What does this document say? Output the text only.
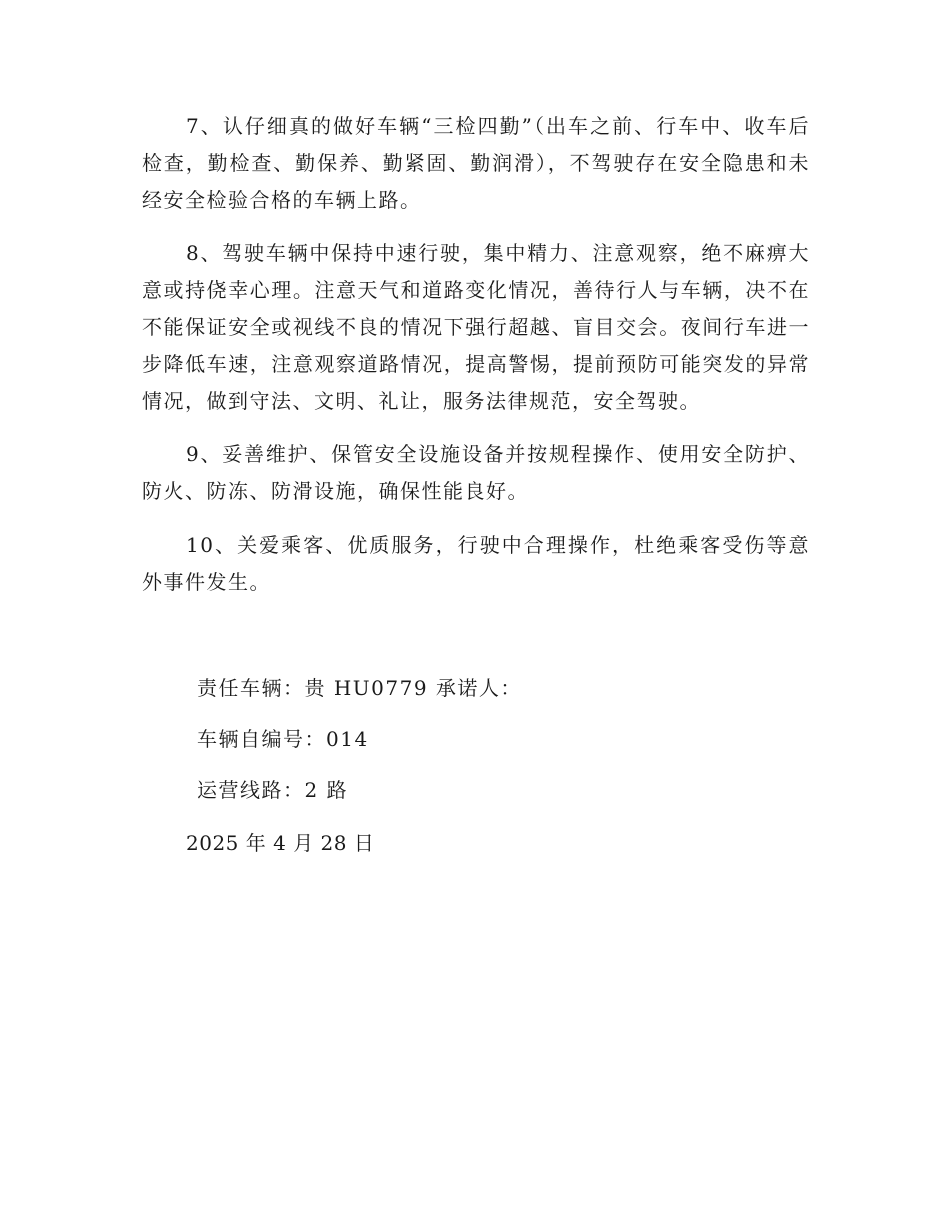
7、认仔细真的做好车辆“三检四勤”（出车之前、行车中、收车后检查，勤检查、勤保养、勤紧固、勤润滑），不驾驶存在安全隐患和未经安全检验合格的车辆上路。

8、驾驶车辆中保持中速行驶，集中精力、注意观察，绝不麻痹大意或持侥幸心理。注意天气和道路变化情况，善待行人与车辆，决不在不能保证安全或视线不良的情况下强行超越、盲目交会。夜间行车进一步降低车速，注意观察道路情况，提高警惕，提前预防可能突发的异常情况，做到守法、文明、礼让，服务法律规范，安全驾驶。

9、妥善维护、保管安全设施设备并按规程操作、使用安全防护、防火、防冻、防滑设施，确保性能良好。

10、关爱乘客、优质服务，行驶中合理操作，杜绝乘客受伤等意外事件发生。

责任车辆：贵 HU0779 承诺人：

车辆自编号：014

运营线路：2 路

2025 年 4 月 28 日
